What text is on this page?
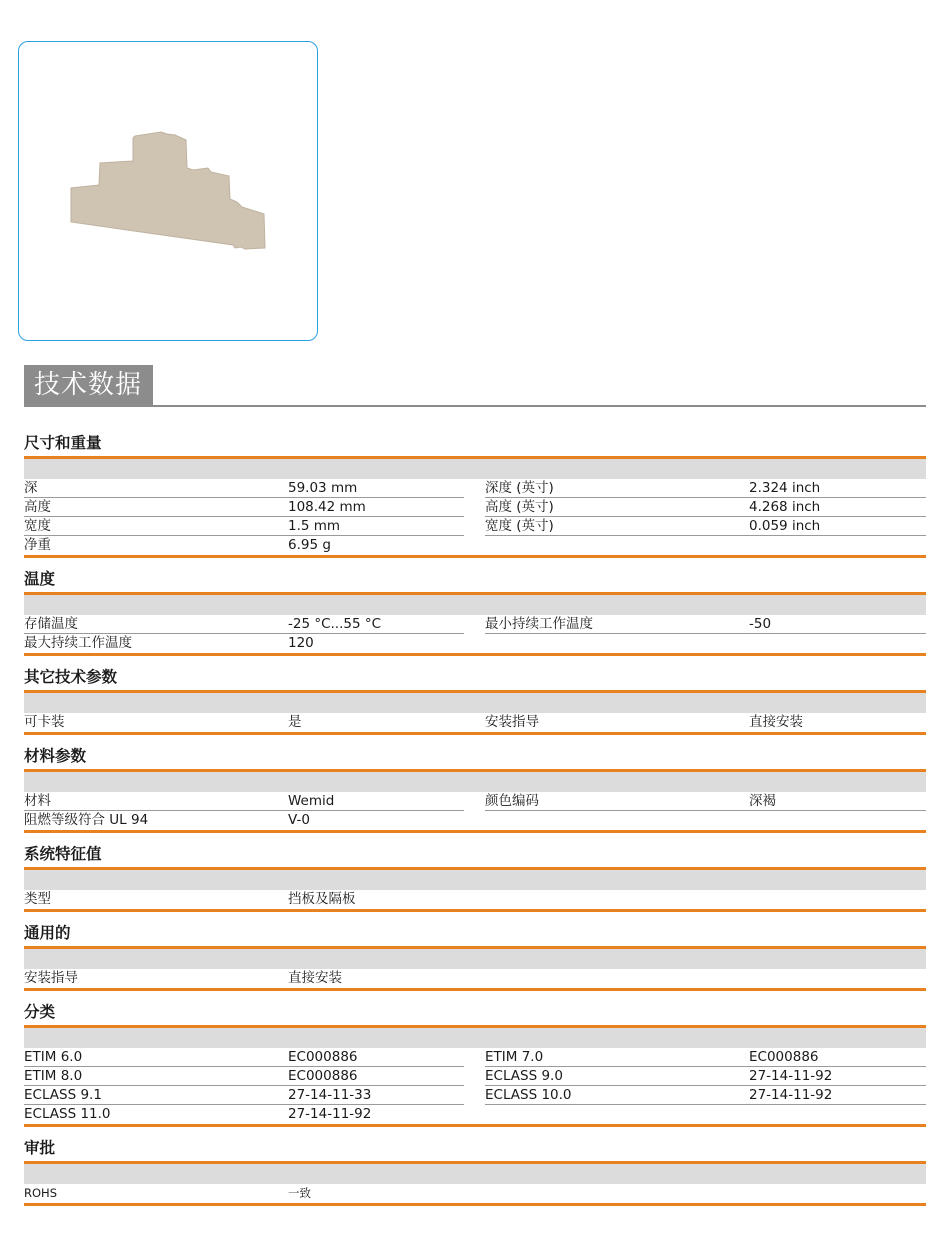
技术数据
尺寸和重量
深	59.03 mm	深度 (英寸)	2.324 inch
高度	108.42 mm	高度 (英寸)	4.268 inch
宽度	1.5 mm	宽度 (英寸)	0.059 inch
净重	6.95 g
温度
存储温度	-25 °C...55 °C	最小持续工作温度	-50
最大持续工作温度	120
其它技术参数
可卡装	是	安装指导	直接安装
材料参数
材料	Wemid	颜色编码	深褐
阻燃等级符合 UL 94	V-0
系统特征值
类型	挡板及隔板
通用的
安装指导	直接安装
分类
ETIM 6.0	EC000886	ETIM 7.0	EC000886
ETIM 8.0	EC000886	ECLASS 9.0	27-14-11-92
ECLASS 9.1	27-14-11-33	ECLASS 10.0	27-14-11-92
ECLASS 11.0	27-14-11-92
审批
ROHS	一致
